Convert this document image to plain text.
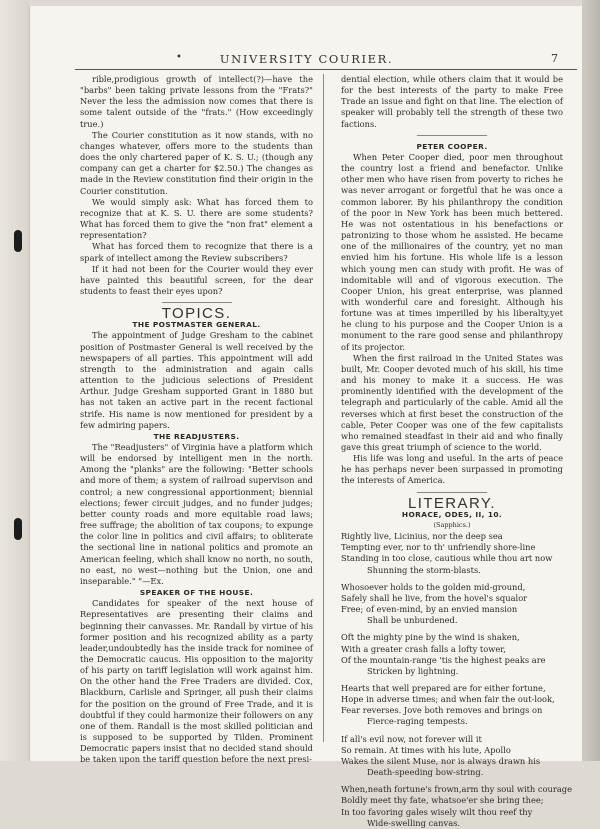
•	UNIVERSITY COURIER.	7

rible,prodigious growth of intellect(?)—have the "barbs" been taking private lessons from the "Frats?" Never the less the admission now comes that there is some talent outside of the "frats." (How exceedingly true.)

The Courier constitution as it now stands, with no changes whatever, offers more to the students than does the only chartered paper of K. S. U.; (though any company can get a charter for $2.50.) The changes as made in the Review constitution find their origin in the Courier constitution.

We would simply ask: What has forced them to recognize that at K. S. U. there are some students? What has forced them to give the "non frat" element a representation?

What has forced them to recognize that there is a spark of intellect among the Review subscribers?

If it had not been for the Courier would they ever have painted this beautiful screen, for the dear students to feast their eyes upon?

TOPICS.

THE POSTMASTER GENERAL.

The appointment of Judge Gresham to the cabinet position of Postmaster General is well received by the newspapers of all parties. This appointment will add strength to the administration and again calls attention to the judicious selections of President Arthur. Judge Gresham supported Grant in 1880 but has not taken an active part in the recent factional strife. His name is now mentioned for president by a few admiring papers.

THE READJUSTERS.

The "Readjusters" of Virginia have a platform which will be endorsed by intelligent men in the north. Among the "planks" are the following: "Better schools and more of them; a system of railroad supervison and control; a new congressional apportionment; biennial elections; fewer circuit judges, and no funder judges; better county roads and more equitable road laws; free suffrage; the abolition of tax coupons; to expunge the color line in politics and civil affairs; to obliterate the sectional line in national politics and promote an American feeling, which shall know no north, no south, no east, no west—nothing but the Union, one and inseparable." "—Ex.

SPEAKER OF THE HOUSE.

Candidates for speaker of the next house of Representatives are presenting their claims and beginning their canvasses. Mr. Randall by virtue of his former position and his recognized ability as a party leader,undoubtedly has the inside track for nominee of the Democratic caucus. His opposition to the majority of his party on tariff legislation will work against him. On the other hand the Free Traders are divided. Cox, Blackburn, Carlisle and Springer, all push their claims for the position on the ground of Free Trade, and it is doubtful if they could harmonize their followers on any one of them. Randall is the most skilled politician and is supposed to be supported by Tilden. Prominent Democratic papers insist that no decided stand should be taken upon the tariff question before the next presi-

dential election, while others claim that it would be for the best interests of the party to make Free Trade an issue and fight on that line. The election of speaker will probably tell the strength of these two factions.

PETER COOPER.

When Peter Cooper died, poor men throughout the country lost a friend and benefactor. Unlike other men who have risen from poverty to riches he was never arrogant or forgetful that he was once a common laborer. By his philanthropy the condition of the poor in New York has been much bettered. He was not ostentatious in his benefactions or patronizing to those whom he assisted. He became one of the millionaires of the country, yet no man envied him his fortune. His whole life is a lesson which young men can study with profit. He was of indomitable will and of vigorous execution. The Cooper Union, his great enterprise, was planned with wonderful care and foresight. Although his fortune was at times imperilled by his liberalty,yet he clung to his purpose and the Cooper Union is a monument to the rare good sense and philanthropy of its projector.

When the first railroad in the United States was built, Mr. Cooper devoted much of his skill, his time and his money to make it a success. He was prominently identified with the development of the telegraph and particularly of the cable. Amid all the reverses which at first beset the construction of the cable, Peter Cooper was one of the few capitalists who remained steadfast in their aid and who finally gave this great triumph of science to the world.

His life was long and useful. In the arts of peace he has perhaps never been surpassed in promoting the interests of America.

LITERARY.

HORACE, ODES, II, 10.

(Sapphics.)

Rightly live, Licinius, nor the deep sea
Tempting ever, nor to th' unfriendly shore-line
Standing in too close, cautious while thou art now
Shunning the storm-blasts.
Whosoever holds to the golden mid-ground,
Safely shall he live, from the hovel's squalor
Free; of even-mind, by an envied mansion
Shall be unburdened.
Oft the mighty pine by the wind is shaken,
With a greater crash falls a lofty tower,
Of the mountain-range 'tis the highest peaks are
Stricken by lightning.
Hearts that well prepared are for either fortune,
Hope in adverse times; and when fair the out-look,
Fear reverses. Jove both removes and brings on
Fierce-raging tempests.
If all's evil now, not forever will it
So remain. At times with his lute, Apollo
Wakes the silent Muse, nor is always drawn his
Death-speeding bow-string.
When,neath fortune's frown,arm thy soul with courage
Boldly meet thy fate, whatsoe'er she bring thee;
In too favoring gales wisely wilt thou reef thy
Wide-swelling canvas.
